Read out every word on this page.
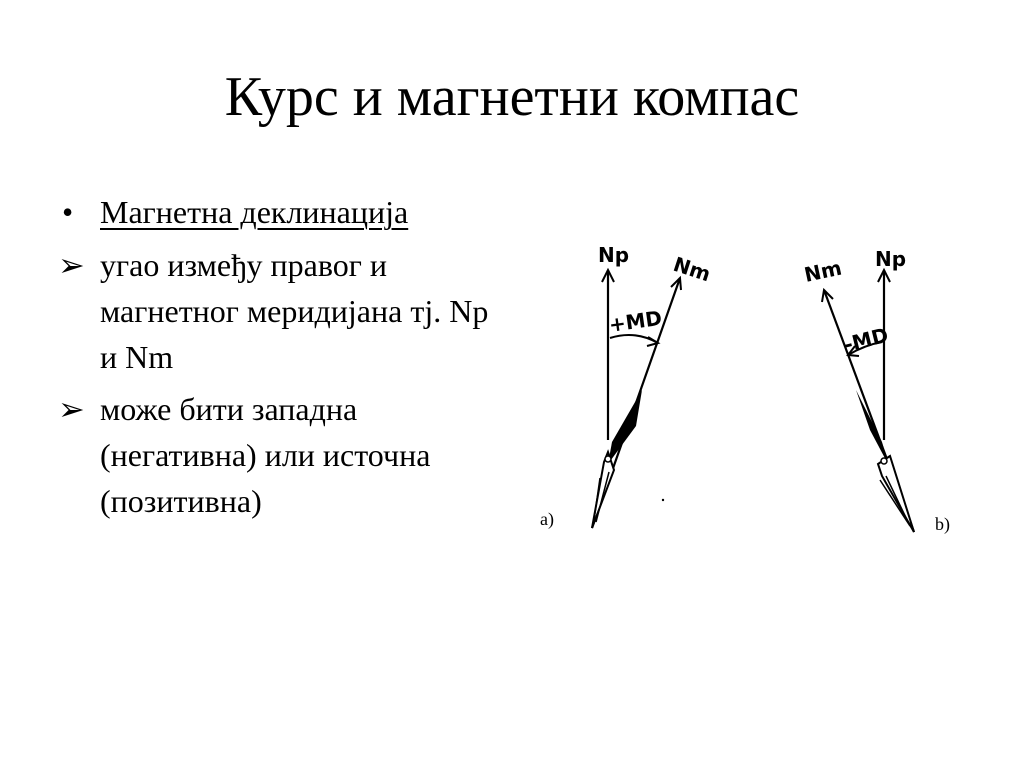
Курс и магнетни компас
• Магнетна деклинација
➢ угао између правог и магнетног меридијана тј. Np и Nm
➢ може бити западна (негативна) или источна (позитивна)
Np Nm
+MD
a)
Np
Nm
-MD
b)
